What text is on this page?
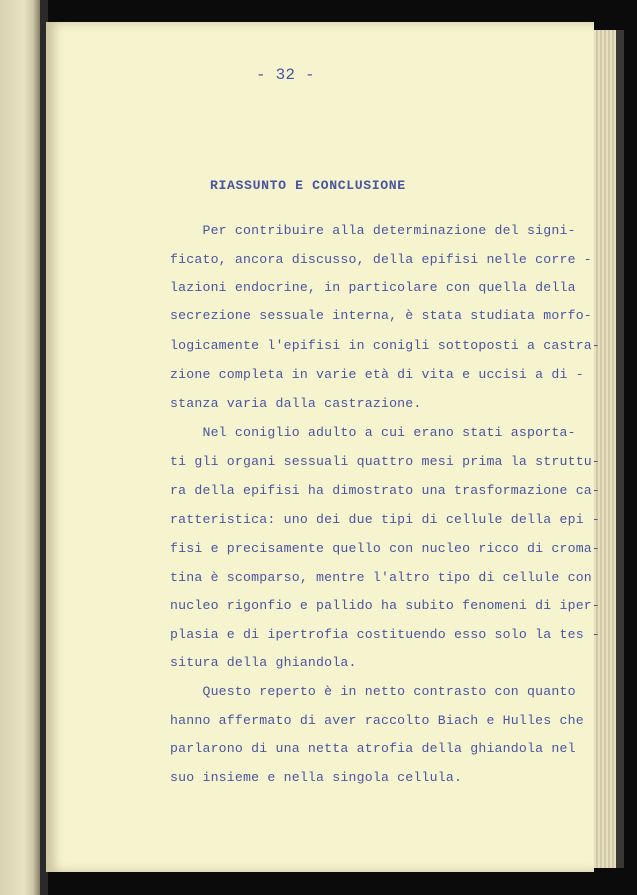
- 32 -
RIASSUNTO E CONCLUSIONE
Per contribuire alla determinazione del signi-
ficato, ancora discusso, della epifisi nelle corre -
lazioni endocrine, in particolare con quella della
secrezione sessuale interna, è stata studiata morfo-
logicamente l'epifisi in conigli sottoposti a castra-
zione completa in varie età di vita e uccisi a di -
stanza varia dalla castrazione.
Nel coniglio adulto a cui erano stati asporta-
ti gli organi sessuali quattro mesi prima la struttu-
ra della epifisi ha dimostrato una trasformazione ca-
ratteristica: uno dei due tipi di cellule della epi -
fisi e precisamente quello con nucleo ricco di croma-
tina è scomparso, mentre l'altro tipo di cellule con
nucleo rigonfio e pallido ha subito fenomeni di iper-
plasia e di ipertrofia costituendo esso solo la tes -
situra della ghiandola.
Questo reperto è in netto contrasto con quanto
hanno affermato di aver raccolto Biach e Hulles che
parlarono di una netta atrofia della ghiandola nel
suo insieme e nella singola cellula.
